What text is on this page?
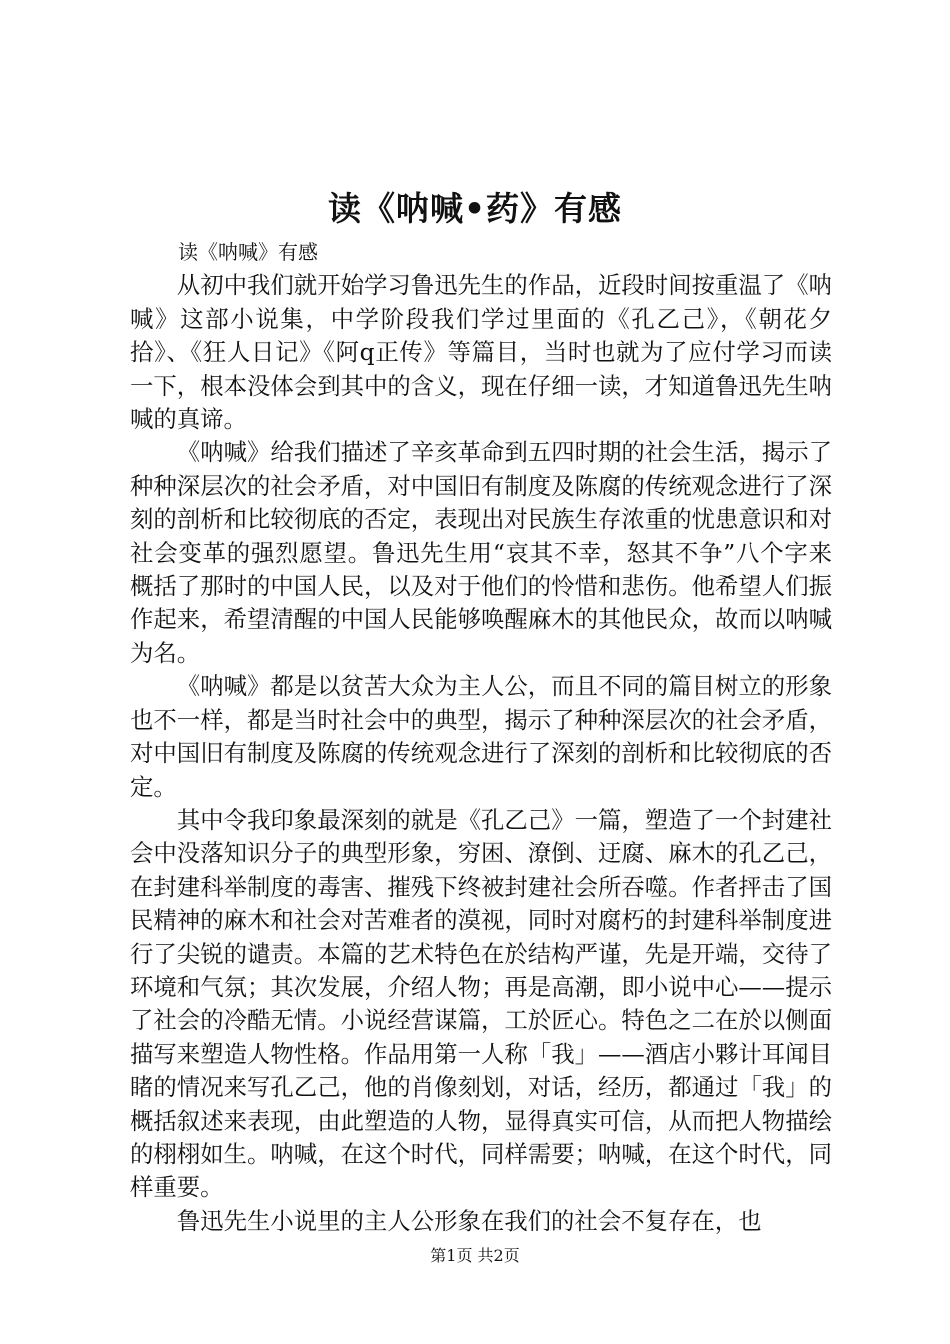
读《呐喊•药》有感

读《呐喊》有感

从初中我们就开始学习鲁迅先生的作品，近段时间按重温了《呐喊》这部小说集，中学阶段我们学过里面的《孔乙己》，《朝花夕拾》、《狂人日记》《阿q正传》等篇目，当时也就为了应付学习而读一下，根本没体会到其中的含义，现在仔细一读，才知道鲁迅先生呐喊的真谛。

《呐喊》给我们描述了辛亥革命到五四时期的社会生活，揭示了种种深层次的社会矛盾，对中国旧有制度及陈腐的传统观念进行了深刻的剖析和比较彻底的否定，表现出对民族生存浓重的忧患意识和对社会变革的强烈愿望。鲁迅先生用“哀其不幸，怒其不争”八个字来概括了那时的中国人民，以及对于他们的怜惜和悲伤。他希望人们振作起来，希望清醒的中国人民能够唤醒麻木的其他民众，故而以呐喊为名。

《呐喊》都是以贫苦大众为主人公，而且不同的篇目树立的形象也不一样，都是当时社会中的典型，揭示了种种深层次的社会矛盾，对中国旧有制度及陈腐的传统观念进行了深刻的剖析和比较彻底的否定。

其中令我印象最深刻的就是《孔乙己》一篇，塑造了一个封建社会中没落知识分子的典型形象，穷困、潦倒、迂腐、麻木的孔乙己，在封建科举制度的毒害、摧残下终被封建社会所吞噬。作者抨击了国民精神的麻木和社会对苦难者的漠视，同时对腐朽的封建科举制度进行了尖锐的谴责。本篇的艺术特色在於结构严谨，先是开端，交待了环境和气氛；其次发展，介绍人物；再是高潮，即小说中心——提示了社会的冷酷无情。小说经营谋篇，工於匠心。特色之二在於以侧面描写来塑造人物性格。作品用第一人称「我」——酒店小夥计耳闻目睹的情况来写孔乙己，他的肖像刻划，对话，经历，都通过「我」的概括叙述来表现，由此塑造的人物，显得真实可信，从而把人物描绘的栩栩如生。呐喊，在这个时代，同样需要；呐喊，在这个时代，同样重要。

鲁迅先生小说里的主人公形象在我们的社会不复存在，也

第1页 共2页
